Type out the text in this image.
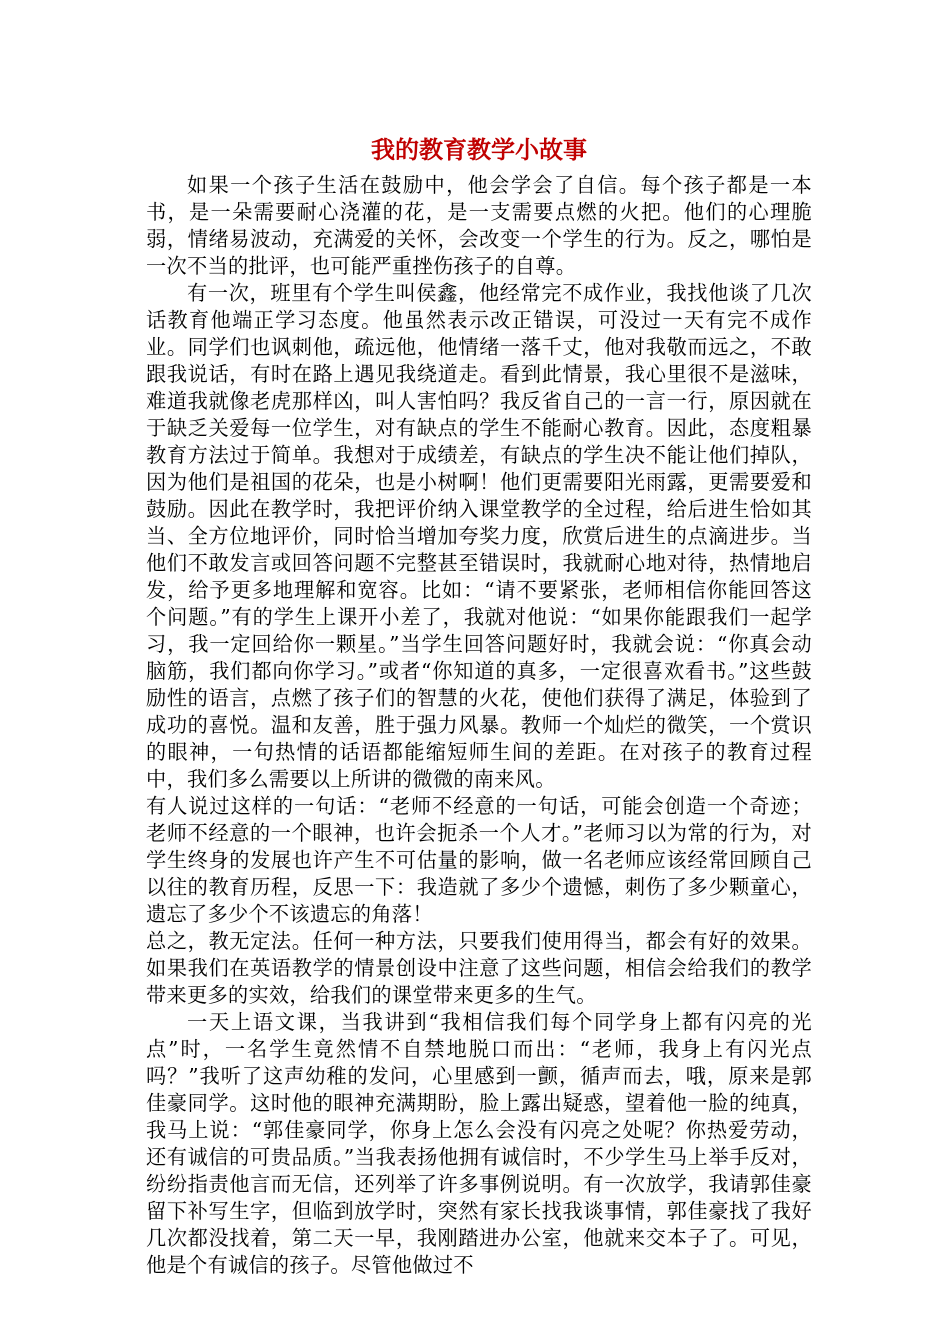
我的教育教学小故事

如果一个孩子生活在鼓励中，他会学会了自信。每个孩子都是一本书，是一朵需要耐心浇灌的花，是一支需要点燃的火把。他们的心理脆弱，情绪易波动，充满爱的关怀，会改变一个学生的行为。反之，哪怕是一次不当的批评，也可能严重挫伤孩子的自尊。

有一次，班里有个学生叫侯鑫，他经常完不成作业，我找他谈了几次话教育他端正学习态度。他虽然表示改正错误，可没过一天有完不成作业。同学们也讽刺他，疏远他，他情绪一落千丈，他对我敬而远之，不敢跟我说话，有时在路上遇见我绕道走。看到此情景，我心里很不是滋味，难道我就像老虎那样凶，叫人害怕吗？我反省自己的一言一行，原因就在于缺乏关爱每一位学生，对有缺点的学生不能耐心教育。因此，态度粗暴教育方法过于简单。我想对于成绩差，有缺点的学生决不能让他们掉队，因为他们是祖国的花朵，也是小树啊！他们更需要阳光雨露，更需要爱和鼓励。因此在教学时，我把评价纳入课堂教学的全过程，给后进生恰如其当、全方位地评价，同时恰当增加夸奖力度，欣赏后进生的点滴进步。当他们不敢发言或回答问题不完整甚至错误时，我就耐心地对待，热情地启发，给予更多地理解和宽容。比如：“请不要紧张，老师相信你能回答这个问题。”有的学生上课开小差了，我就对他说：“如果你能跟我们一起学习，我一定回给你一颗星。”当学生回答问题好时，我就会说：“你真会动脑筋，我们都向你学习。”或者“你知道的真多，一定很喜欢看书。”这些鼓励性的语言，点燃了孩子们的智慧的火花，使他们获得了满足，体验到了成功的喜悦。温和友善，胜于强力风暴。教师一个灿烂的微笑，一个赏识的眼神，一句热情的话语都能缩短师生间的差距。在对孩子的教育过程中，我们多么需要以上所讲的微微的南来风。

有人说过这样的一句话：“老师不经意的一句话，可能会创造一个奇迹；老师不经意的一个眼神，也许会扼杀一个人才。”老师习以为常的行为，对学生终身的发展也许产生不可估量的影响，做一名老师应该经常回顾自己以往的教育历程，反思一下：我造就了多少个遗憾，刺伤了多少颗童心，遗忘了多少个不该遗忘的角落！

总之，教无定法。任何一种方法，只要我们使用得当，都会有好的效果。如果我们在英语教学的情景创设中注意了这些问题，相信会给我们的教学带来更多的实效，给我们的课堂带来更多的生气。

一天上语文课，当我讲到“我相信我们每个同学身上都有闪亮的光点”时，一名学生竟然情不自禁地脱口而出：“老师，我身上有闪光点吗？”我听了这声幼稚的发问，心里感到一颤，循声而去，哦，原来是郭佳豪同学。这时他的眼神充满期盼，脸上露出疑惑，望着他一脸的纯真，我马上说：“郭佳豪同学，你身上怎么会没有闪亮之处呢？你热爱劳动，还有诚信的可贵品质。”当我表扬他拥有诚信时，不少学生马上举手反对，纷纷指责他言而无信，还列举了许多事例说明。有一次放学，我请郭佳豪留下补写生字，但临到放学时，突然有家长找我谈事情，郭佳豪找了我好几次都没找着，第二天一早，我刚踏进办公室，他就来交本子了。可见，他是个有诚信的孩子。尽管他做过不
